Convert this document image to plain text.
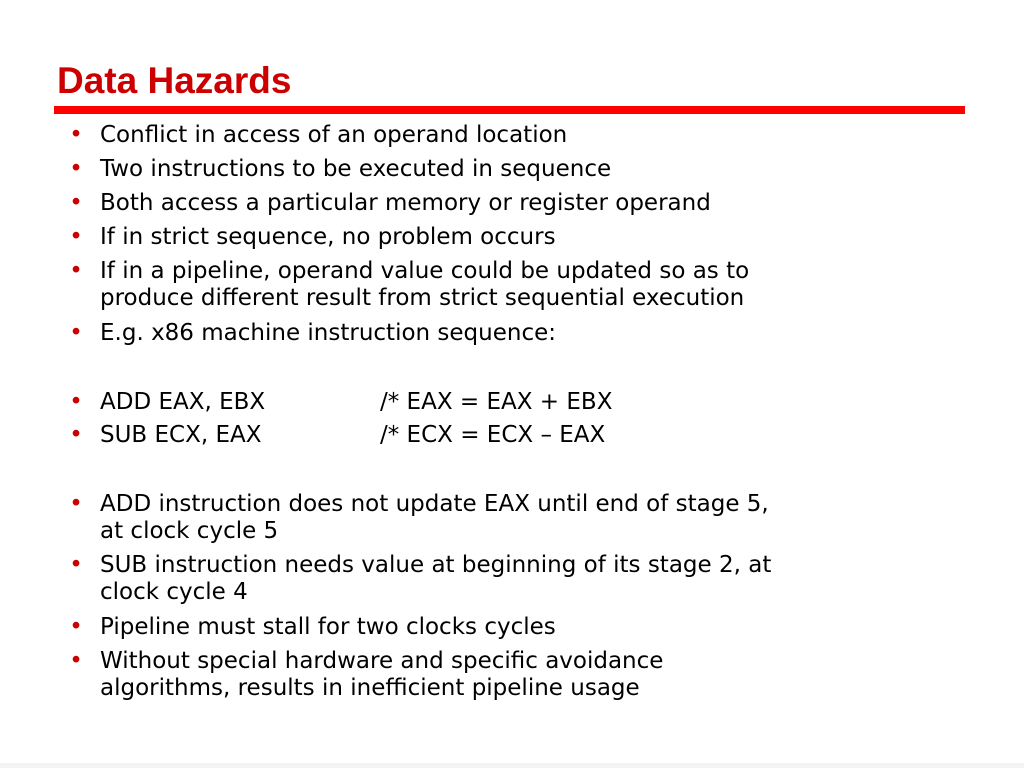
Data Hazards
• Conflict in access of an operand location
• Two instructions to be executed in sequence
• Both access a particular memory or register operand
• If in strict sequence, no problem occurs
• If in a pipeline, operand value could be updated so as to
produce different result from strict sequential execution
• E.g. x86 machine instruction sequence:
• ADD EAX, EBX	/* EAX = EAX + EBX
• SUB ECX, EAX	/* ECX = ECX – EAX
• ADD instruction does not update EAX until end of stage 5,
at clock cycle 5
• SUB instruction needs value at beginning of its stage 2, at
clock cycle 4
• Pipeline must stall for two clocks cycles
• Without special hardware and specific avoidance
algorithms, results in inefficient pipeline usage
